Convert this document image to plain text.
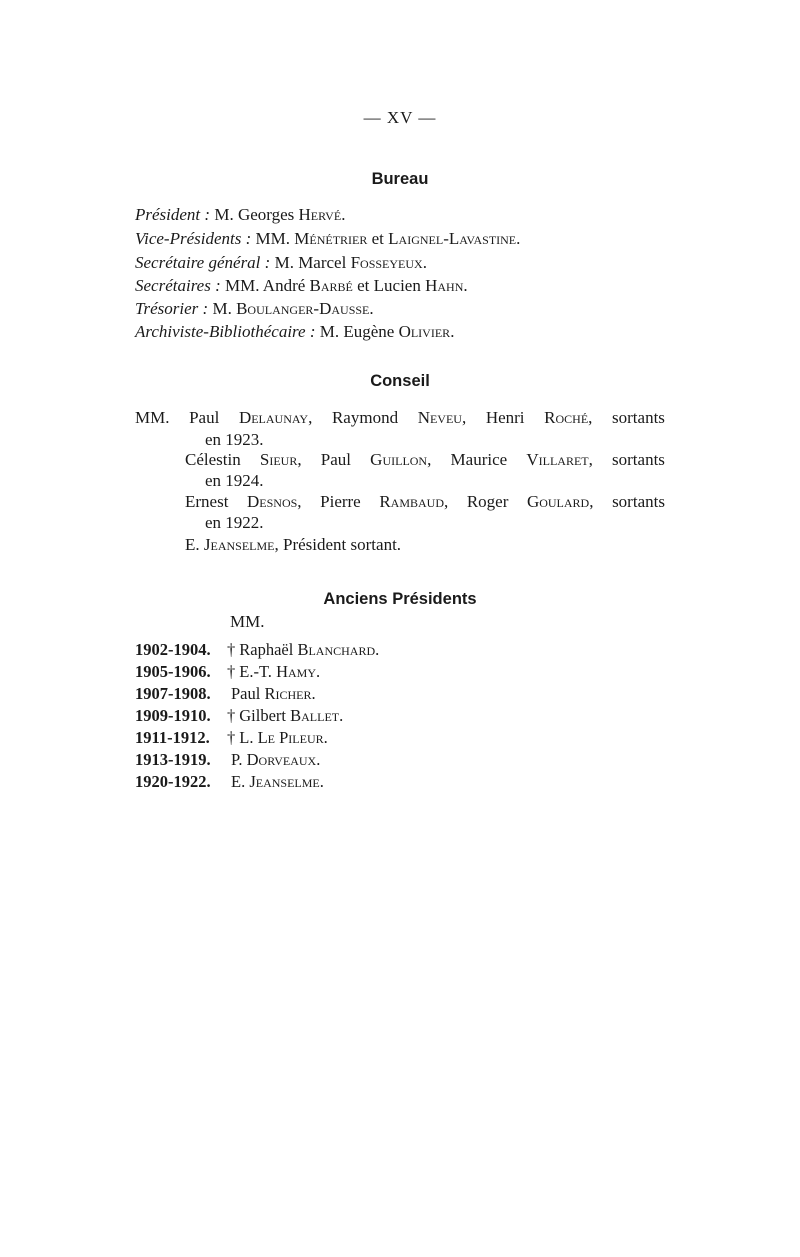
— XV —
Bureau
Président : M. Georges Hervé.
Vice-Présidents : MM. Ménétrier et Laignel-Lavastine.
Secrétaire général : M. Marcel Fosseyeux.
Secrétaires : MM. André Barbé et Lucien Hahn.
Trésorier : M. Boulanger-Dausse.
Archiviste-Bibliothécaire : M. Eugène Olivier.
Conseil
MM. Paul Delaunay, Raymond Neveu, Henri Roché, sortants
en 1923.
Célestin Sieur, Paul Guillon, Maurice Villaret, sortants
en 1924.
Ernest Desnos, Pierre Rambaud, Roger Goulard, sortants
en 1922.
E. Jeanselme, Président sortant.
Anciens Présidents
MM.
1902-1904. † Raphaël Blanchard.
1905-1906. † E.-T. Hamy.
1907-1908. Paul Richer.
1909-1910. † Gilbert Ballet.
1911-1912. † L. Le Pileur.
1913-1919. P. Dorveaux.
1920-1922. E. Jeanselme.
